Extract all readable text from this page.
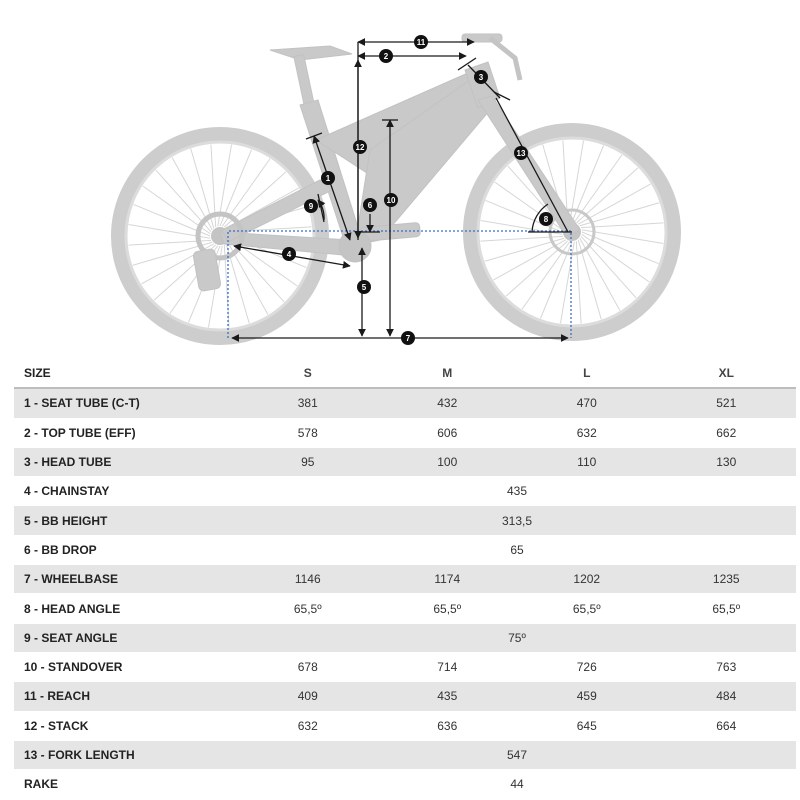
1
2
3
4
5
6
7
8
9
10
11
12
13
SIZE	S	M	L	XL
1 - SEAT TUBE (C-T)	381	432	470	521
2 - TOP TUBE (EFF)	578	606	632	662
3 - HEAD TUBE	95	100	110	130
4 - CHAINSTAY	435			
5 - BB HEIGHT	313,5			
6 - BB DROP	65			
7 - WHEELBASE	1146	1174	1202	1235
8 - HEAD ANGLE	65,5º	65,5º	65,5º	65,5º
9 - SEAT ANGLE	75º			
10 - STANDOVER	678	714	726	763
11 - REACH	409	435	459	484
12 - STACK	632	636	645	664
13 - FORK LENGTH	547			
RAKE	44			
